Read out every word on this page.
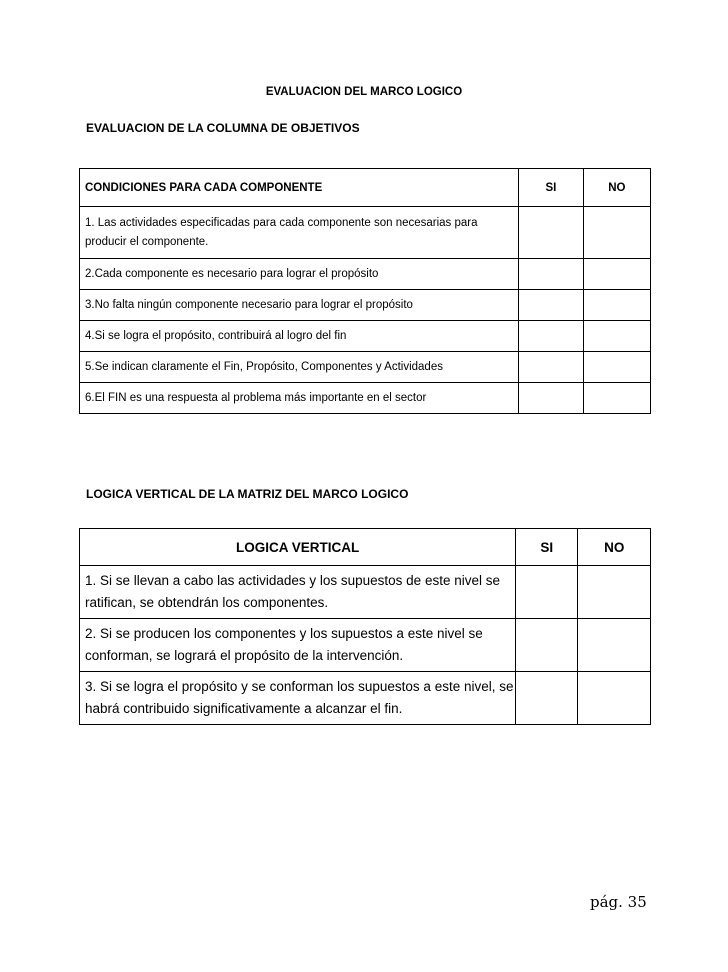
EVALUACION DEL MARCO LOGICO
EVALUACION DE LA COLUMNA DE OBJETIVOS
CONDICIONES PARA CADA COMPONENTE	SI	NO
1. Las actividades especificadas para cada componente son necesarias para producir el componente.		
2.Cada componente es necesario para lograr el propósito		
3.No falta ningún componente necesario para lograr el propósito		
4.Si se logra el propósito, contribuirá al logro del fin		
5.Se indican claramente el Fin, Propósito, Componentes y Actividades		
6.El FIN es una respuesta al problema más importante en el sector		
LOGICA VERTICAL DE LA MATRIZ DEL MARCO LOGICO
LOGICA VERTICAL	SI	NO
1. Si se llevan a cabo las actividades y los supuestos de este nivel se ratifican, se obtendrán los componentes.		
2. Si se producen los componentes y los supuestos a este nivel se conforman, se logrará el propósito de la intervención.		
3. Si se logra el propósito y se conforman los supuestos a este nivel, se habrá contribuido significativamente a alcanzar el fin.		
pág. 35
